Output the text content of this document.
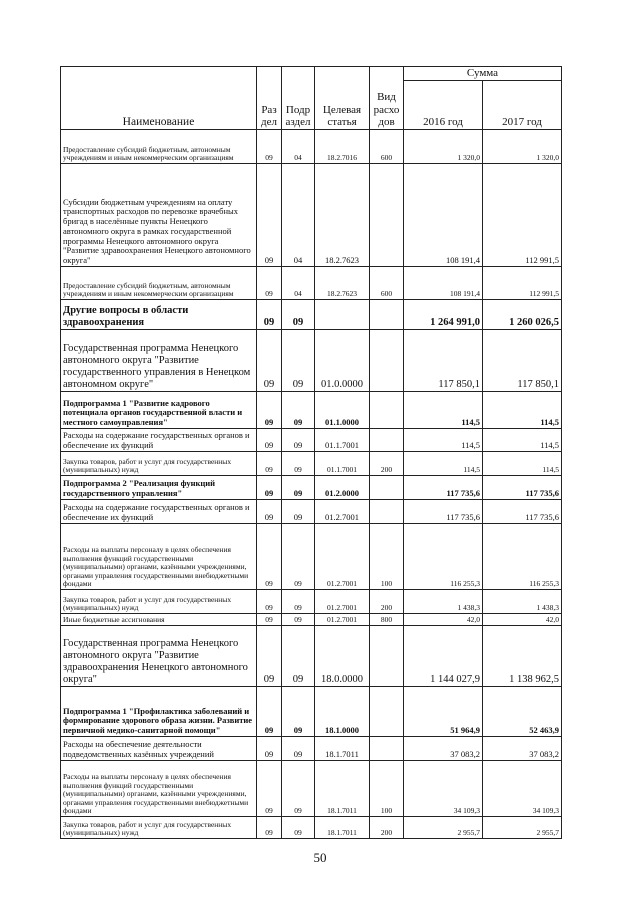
Наименование	Раз дел	Подр аздел	Целевая статья	Вид расхо дов	Сумма	
					2016 год	2017 год
Предоставление субсидий бюджетным, автономным учреждениям и иным некоммерческим организациям	09	04	18.2.7016	600	1 320,0	1 320,0
Субсидии бюджетным учреждениям на оплату транспортных расходов по перевозке врачебных бригад в населённые пункты Ненецкого автономного округа в рамках государственной программы Ненецкого автономного округа "Развитие здравоохранения Ненецкого автономного округа"	09	04	18.2.7623		108 191,4	112 991,5
Предоставление субсидий бюджетным, автономным учреждениям и иным некоммерческим организациям	09	04	18.2.7623	600	108 191,4	112 991,5
Другие вопросы в области здравоохранения	09	09			1 264 991,0	1 260 026,5
Государственная программа Ненецкого автономного округа "Развитие государственного управления в Ненецком автономном округе"	09	09	01.0.0000		117 850,1	117 850,1
Подпрограмма 1 "Развитие кадрового потенциала органов государственной власти и местного самоуправления"	09	09	01.1.0000		114,5	114,5
Расходы на содержание государственных органов и обеспечение их функций	09	09	01.1.7001		114,5	114,5
Закупка товаров, работ и услуг для государственных (муниципальных) нужд	09	09	01.1.7001	200	114,5	114,5
Подпрограмма 2 "Реализация функций государственного управления"	09	09	01.2.0000		117 735,6	117 735,6
Расходы на содержание государственных органов и обеспечение их функций	09	09	01.2.7001		117 735,6	117 735,6
Расходы на выплаты персоналу в целях обеспечения выполнения функций государственными (муниципальными) органами, казёнными учреждениями, органами управления государственными внебюджетными фондами	09	09	01.2.7001	100	116 255,3	116 255,3
Закупка товаров, работ и услуг для государственных (муниципальных) нужд	09	09	01.2.7001	200	1 438,3	1 438,3
Иные бюджетные ассигнования	09	09	01.2.7001	800	42,0	42,0
Государственная программа Ненецкого автономного округа "Развитие здравоохранения Ненецкого автономного округа"	09	09	18.0.0000		1 144 027,9	1 138 962,5
Подпрограмма 1 "Профилактика заболеваний и формирование здорового образа жизни. Развитие первичной медико-санитарной помощи"	09	09	18.1.0000		51 964,9	52 463,9
Расходы на обеспечение деятельности подведомственных казённых учреждений	09	09	18.1.7011		37 083,2	37 083,2
Расходы на выплаты персоналу в целях обеспечения выполнения функций государственными (муниципальными) органами, казёнными учреждениями, органами управления государственными внебюджетными фондами	09	09	18.1.7011	100	34 109,3	34 109,3
Закупка товаров, работ и услуг для государственных (муниципальных) нужд	09	09	18.1.7011	200	2 955,7	2 955,7
50
